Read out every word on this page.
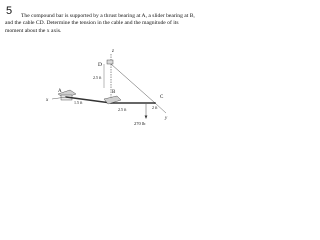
5	The compound bar is supported by a thrust bearing at A, a slider bearing at B, and the cable CD. Determine the tension in the cable and the magnitude of its moment about the x axis.

z
D
2.5 ft
A	B
C
x
y
1.5 ft
2.5 ft	2 ft
270 lb
